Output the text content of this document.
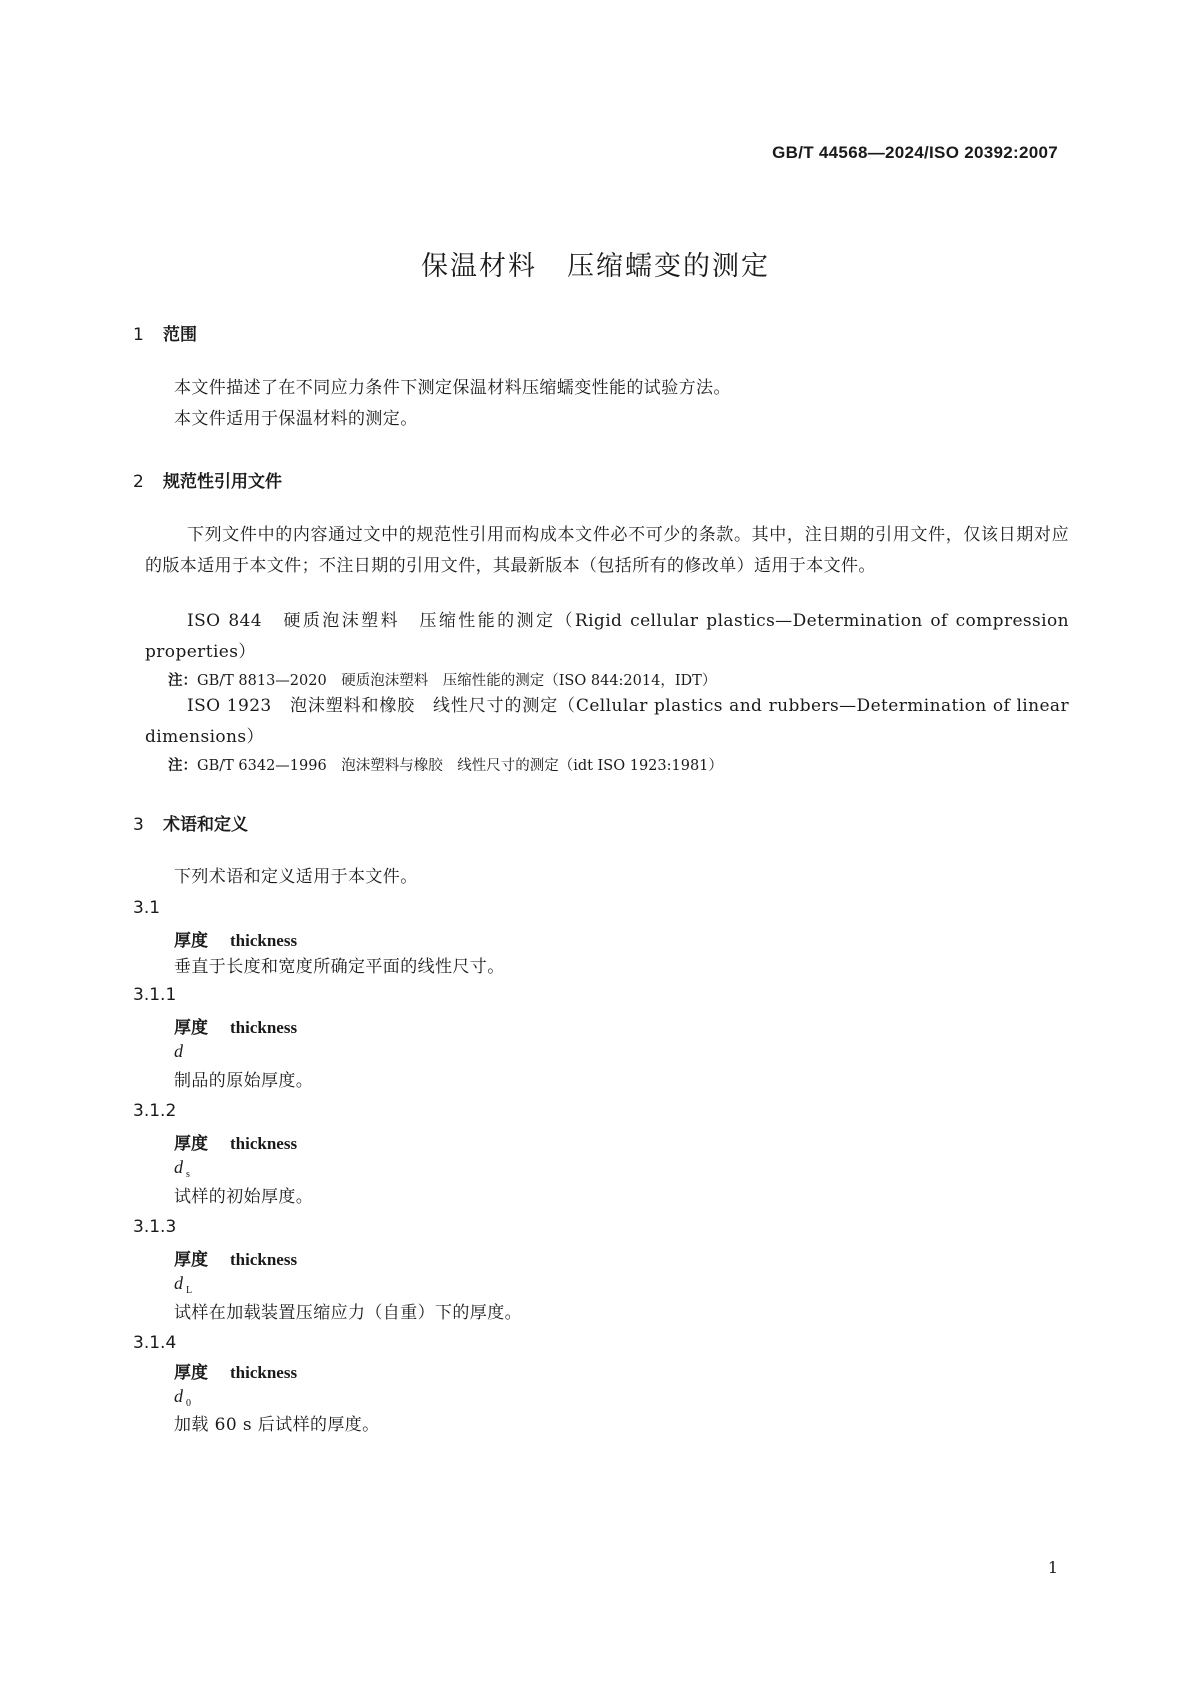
GB/T 44568—2024/ISO 20392:2007
保温材料 压缩蠕变的测定
1 范围
本文件描述了在不同应力条件下测定保温材料压缩蠕变性能的试验方法。
本文件适用于保温材料的测定。
2 规范性引用文件
下列文件中的内容通过文中的规范性引用而构成本文件必不可少的条款。其中，注日期的引用文件，仅该日期对应的版本适用于本文件；不注日期的引用文件，其最新版本（包括所有的修改单）适用于本文件。
ISO 844　硬质泡沫塑料　压缩性能的测定（Rigid cellular plastics—Determination of compression properties）
注：GB/T 8813—2020　硬质泡沫塑料　压缩性能的测定（ISO 844:2014，IDT）
ISO 1923　泡沫塑料和橡胶　线性尺寸的测定（Cellular plastics and rubbers—Determination of linear dimensions）
注：GB/T 6342—1996　泡沫塑料与橡胶　线性尺寸的测定（idt ISO 1923:1981）
3 术语和定义
下列术语和定义适用于本文件。
3.1
厚度 thickness
垂直于长度和宽度所确定平面的线性尺寸。
3.1.1
厚度 thickness
d
制品的原始厚度。
3.1.2
厚度 thickness
d $_s$
试样的初始厚度。
3.1.3
厚度 thickness
d $_L$
试样在加载装置压缩应力（自重）下的厚度。
3.1.4
厚度 thickness
d $_0$
加载 60 s 后试样的厚度。
1
